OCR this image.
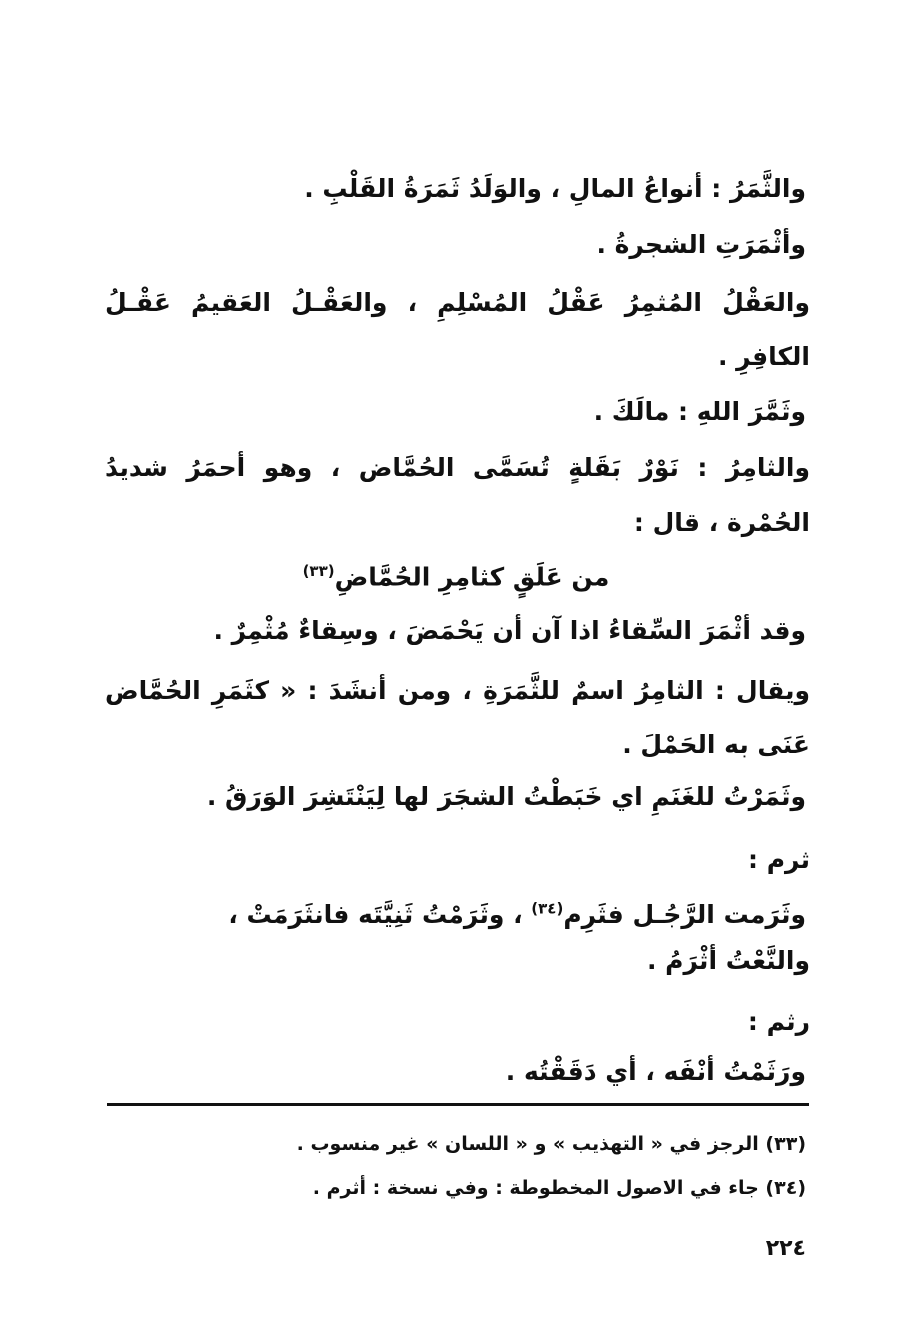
والثَّمَرُ : أنواعُ المالِ ، والوَلَدُ ثَمَرَةُ القَلْبِ .
وأثْمَرَتِ الشجرةُ .
والعَقْلُ المُثمِرُ عَقْلُ المُسْلِمِ ، والعَقْـلُ العَقيمُ عَقْـلُ
الكافِرِ .
وثَمَّرَ اللهِ : مالَكَ .
والثامِرُ : نَوْرٌ بَقَلةٍ تُسَمَّى الحُمَّاض ، وهو أحمَرُ شديدُ
الحُمْرة ، قال :
من عَلَقٍ كثامِرِ الحُمَّاضِ$^{(٣٣)}$
وقد أثْمَرَ السِّقاءُ اذا آن أن يَحْمَضَ ، وسِقاءٌ مُثْمِرٌ .
ويقال : الثامِرُ اسمٌ للثَّمَرَةِ ، ومن أنشَدَ : « كثَمَرِ الحُمَّاض
عَنَى به الحَمْلَ .
وثَمَرْتُ للغَنَمِ اي خَبَطْتُ الشجَرَ لها لِيَنْتَشِرَ الوَرَقُ .
ثرم :
وثَرَمت الرَّجُـل فثَرِم$^{(٣٤)}$ ، وثَرَمْتُ ثَنِيَّتَه فانثَرَمَتْ ،
والنَّعْتُ أثْرَمُ .
رثم :
ورَثَمْتُ أنْفَه ، أي دَقَقْتُه .
(٣٣) الرجز في « التهذيب » و « اللسان » غير منسوب .
(٣٤) جاء في الاصول المخطوطة : وفي نسخة : أثرم .
٢٢٤
